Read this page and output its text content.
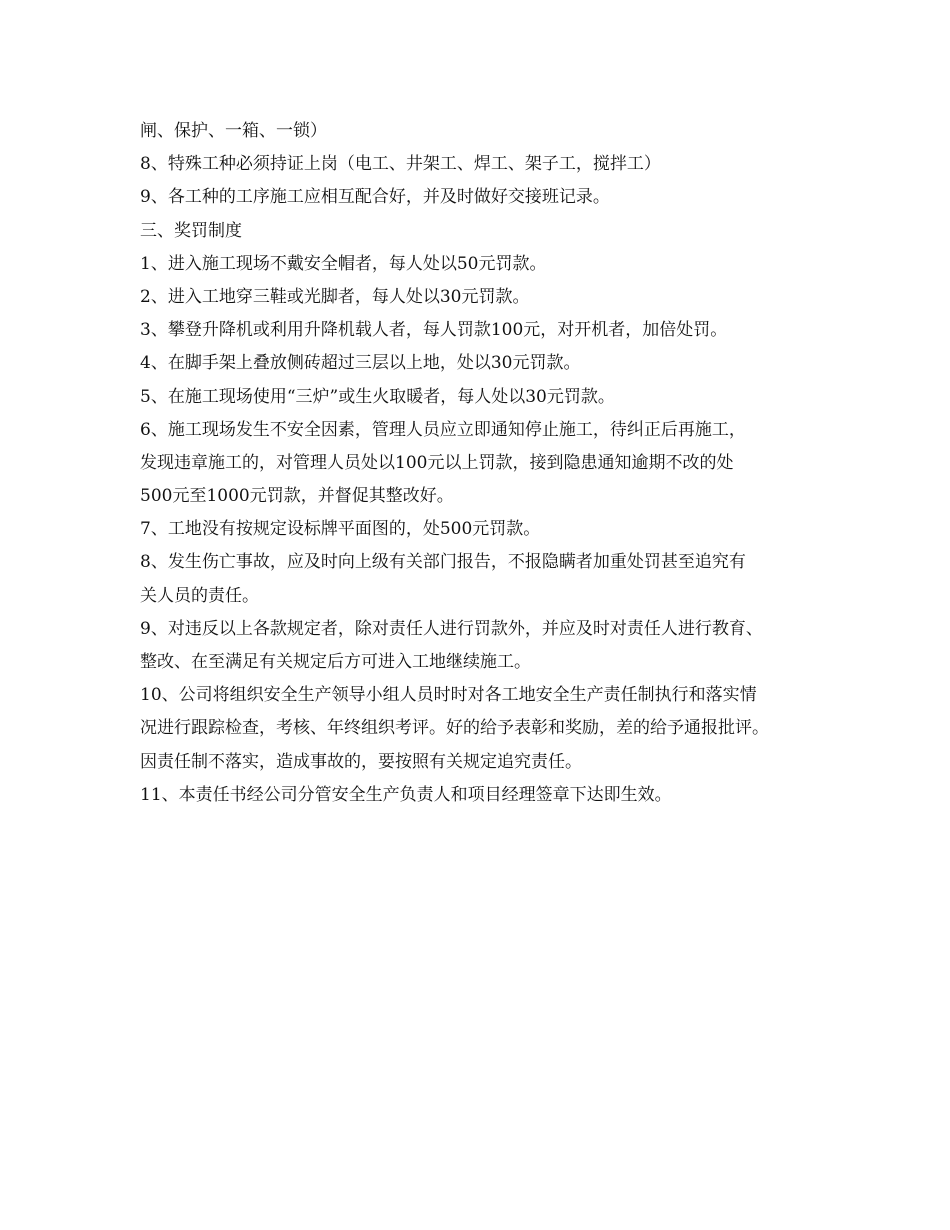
闸、保护、一箱、一锁）
8、特殊工种必须持证上岗（电工、井架工、焊工、架子工，搅拌工）
9、各工种的工序施工应相互配合好，并及时做好交接班记录。
三、奖罚制度
1、进入施工现场不戴安全帽者，每人处以50元罚款。
2、进入工地穿三鞋或光脚者，每人处以30元罚款。
3、攀登升降机或利用升降机载人者，每人罚款100元，对开机者，加倍处罚。
4、在脚手架上叠放侧砖超过三层以上地，处以30元罚款。
5、在施工现场使用“三炉”或生火取暖者，每人处以30元罚款。
6、施工现场发生不安全因素，管理人员应立即通知停止施工，待纠正后再施工，
发现违章施工的，对管理人员处以100元以上罚款，接到隐患通知逾期不改的处
500元至1000元罚款，并督促其整改好。
7、工地没有按规定设标牌平面图的，处500元罚款。
8、发生伤亡事故，应及时向上级有关部门报告，不报隐瞒者加重处罚甚至追究有
关人员的责任。
9、对违反以上各款规定者，除对责任人进行罚款外，并应及时对责任人进行教育、
整改、在至满足有关规定后方可进入工地继续施工。
10、公司将组织安全生产领导小组人员时时对各工地安全生产责任制执行和落实情
况进行跟踪检查，考核、年终组织考评。好的给予表彰和奖励，差的给予通报批评。
因责任制不落实，造成事故的，要按照有关规定追究责任。
11、本责任书经公司分管安全生产负责人和项目经理签章下达即生效。
